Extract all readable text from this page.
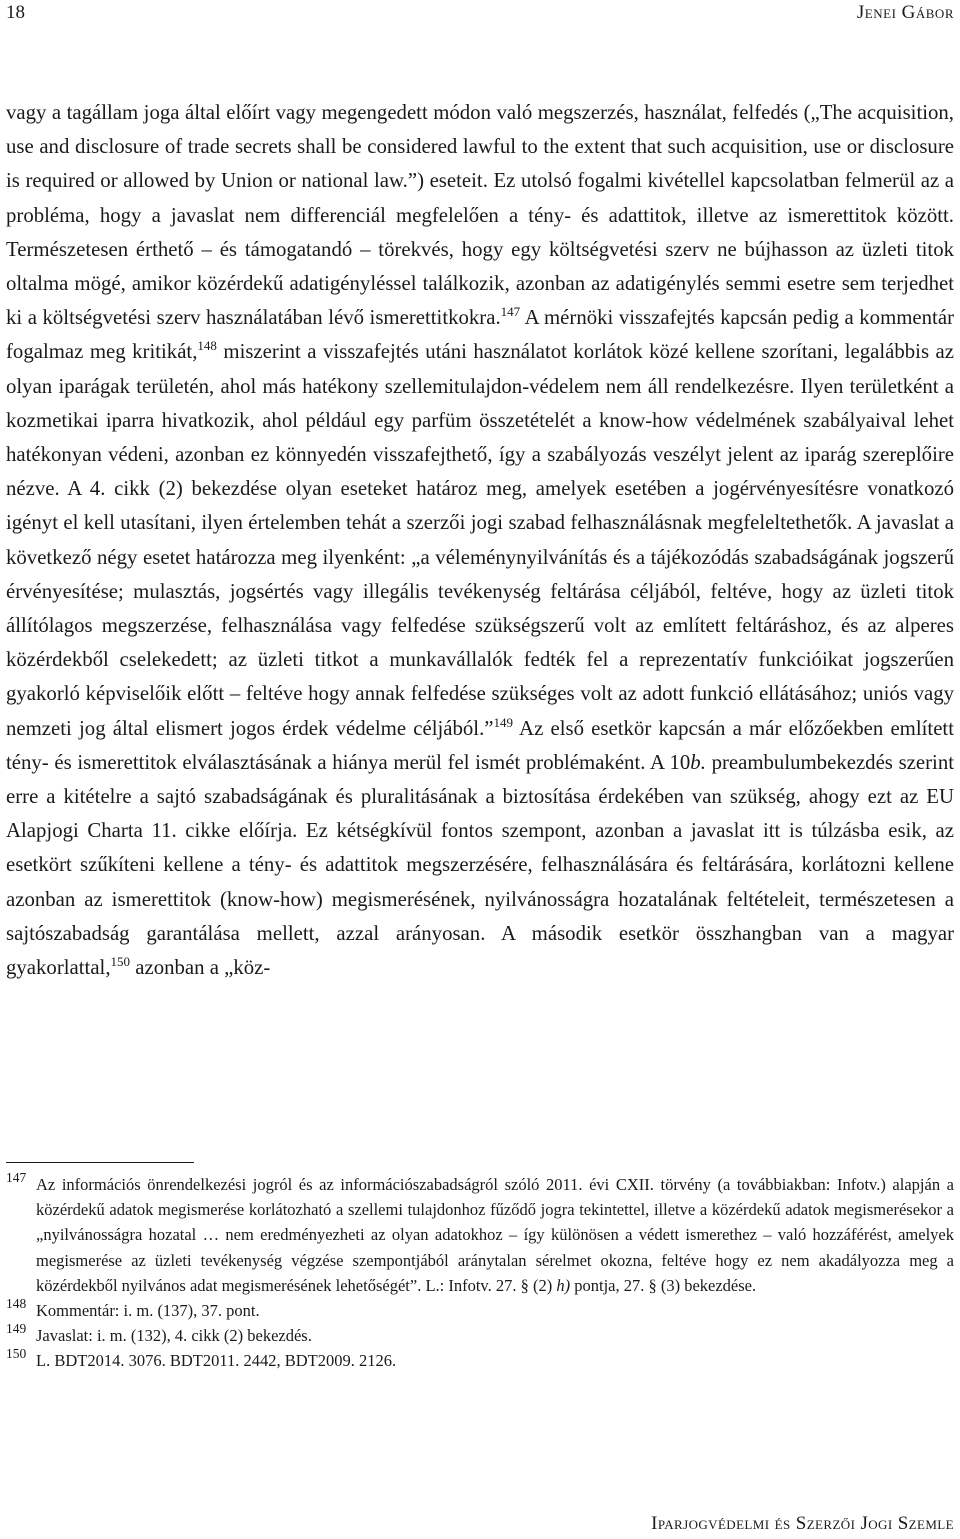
18	Jenei Gábor

vagy a tagállam joga által előírt vagy megengedett módon való megszerzés, használat, felfedés („The acquisition, use and disclosure of trade secrets shall be considered lawful to the extent that such acquisition, use or disclosure is required or allowed by Union or national law.”) eseteit. Ez utolsó fogalmi kivétellel kapcsolatban felmerül az a probléma, hogy a javaslat nem differenciál megfelelően a tény- és adattitok, illetve az ismerettitok között. Természetesen érthető – és támogatandó – törekvés, hogy egy költségvetési szerv ne bújhasson az üzleti titok oltalma mögé, amikor közérdekű adatigényléssel találkozik, azonban az adatigénylés semmi esetre sem terjedhet ki a költségvetési szerv használatában lévő ismerettitkokra.$^{147}$ A mérnöki visszafejtés kapcsán pedig a kommentár fogalmaz meg kritikát,$^{148}$ miszerint a visszafejtés utáni használatot korlátok közé kellene szorítani, legalábbis az olyan iparágak területén, ahol más hatékony szellemitulajdon-védelem nem áll rendelkezésre. Ilyen területként a kozmetikai iparra hivatkozik, ahol például egy parfüm összetételét a know-how védelmének szabályaival lehet hatékonyan védeni, azonban ez könnyedén visszafejthető, így a szabályozás veszélyt jelent az iparág szereplőire nézve. A 4. cikk (2) bekezdése olyan eseteket határoz meg, amelyek esetében a jogérvényesítésre vonatkozó igényt el kell utasítani, ilyen értelemben tehát a szerzői jogi szabad felhasználásnak megfeleltethetők. A javaslat a következő négy esetet határozza meg ilyenként: „a véleménynyilvánítás és a tájékozódás szabadságának jogszerű érvényesítése; mulasztás, jogsértés vagy illegális tevékenység feltárása céljából, feltéve, hogy az üzleti titok állítólagos megszerzése, felhasználása vagy felfedése szükségszerű volt az említett feltáráshoz, és az alperes közérdekből cselekedett; az üzleti titkot a munkavállalók fedték fel a reprezentatív funkcióikat jogszerűen gyakorló képviselőik előtt – feltéve hogy annak felfedése szükséges volt az adott funkció ellátásához; uniós vagy nemzeti jog által elismert jogos érdek védelme céljából.”$^{149}$ Az első esetkör kapcsán a már előzőekben említett tény- és ismerettitok elválasztásának a hiánya merül fel ismét problémaként. A 10b. preambulumbekezdés szerint erre a kitételre a sajtó szabadságának és pluralitásának a biztosítása érdekében van szükség, ahogy ezt az EU Alapjogi Charta 11. cikke előírja. Ez kétségkívül fontos szempont, azonban a javaslat itt is túlzásba esik, az esetkört szűkíteni kellene a tény- és adattitok megszerzésére, felhasználására és feltárására, korlátozni kellene azonban az ismerettitok (know-how) megismerésének, nyilvánosságra hozatalának feltételeit, természetesen a sajtószabadság garantálása mellett, azzal arányosan. A második esetkör összhangban van a magyar gyakorlattal,$^{150}$ azonban a „köz-

147 Az információs önrendelkezési jogról és az információszabadságról szóló 2011. évi CXII. törvény (a továbbiakban: Infotv.) alapján a közérdekű adatok megismerése korlátozható a szellemi tulajdonhoz fűződő jogra tekintettel, illetve a közérdekű adatok megismerésekor a „nyilvánosságra hozatal … nem eredményezheti az olyan adatokhoz – így különösen a védett ismerethez – való hozzáférést, amelyek megismerése az üzleti tevékenység végzése szempontjából aránytalan sérelmet okozna, feltéve hogy ez nem akadályozza meg a közérdekből nyilvános adat megismerésének lehetőségét”. L.: Infotv. 27. § (2) h) pontja, 27. § (3) bekezdése.

148 Kommentár: i. m. (137), 37. pont.

149 Javaslat: i. m. (132), 4. cikk (2) bekezdés.

150 L. BDT2014. 3076. BDT2011. 2442, BDT2009. 2126.

Iparjogvédelmi és Szerzői Jogi Szemle
